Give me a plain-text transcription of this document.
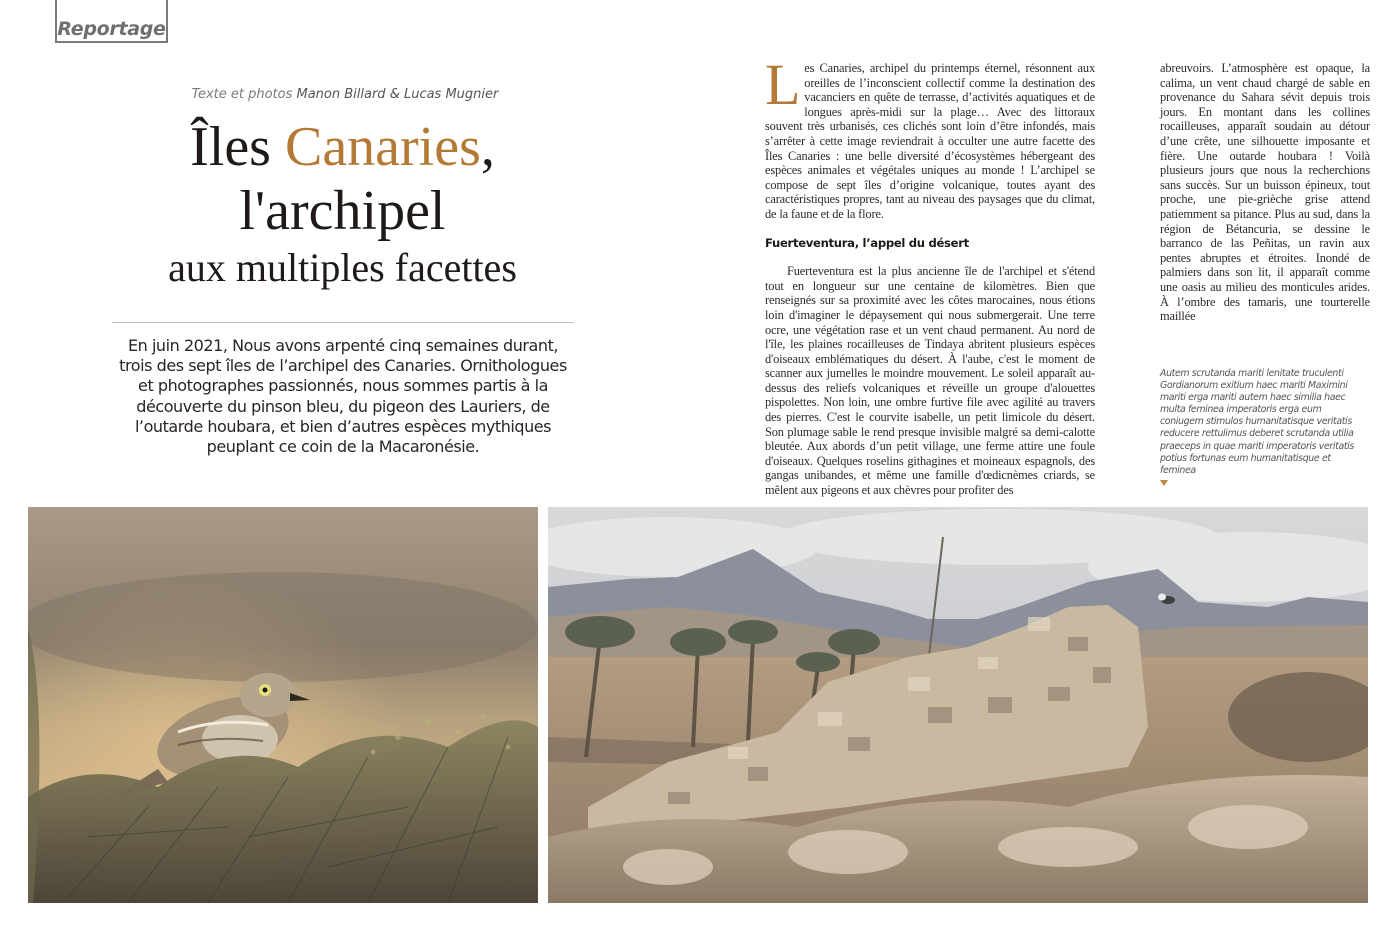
Reportage
Texte et photos Manon Billard & Lucas Mugnier
Îles Canaries,
l'archipel
aux multiples facettes
En juin 2021, Nous avons arpenté cinq semaines durant, trois des sept îles de l’archipel des Canaries. Ornithologues et photographes passionnés, nous sommes partis à la découverte du pinson bleu, du pigeon des Lauriers, de l’outarde houbara, et bien d’autres espèces mythiques peuplant ce coin de la Macaronésie.

Les Canaries, archipel du printemps éternel, résonnent aux oreilles de l’inconscient collectif comme la destination des vacanciers en quête de terrasse, d’activités aquatiques et de longues après-midi sur la plage… Avec des littoraux souvent très urbanisés, ces clichés sont loin d’être infondés, mais s’arrêter à cette image reviendrait à occulter une autre facette des Îles Canaries : une belle diversité d’écosystèmes hébergeant des espèces animales et végétales uniques au monde ! L’archipel se compose de sept îles d’origine volcanique, toutes ayant des caractéristiques propres, tant au niveau des paysages que du climat, de la faune et de la flore.

Fuerteventura, l’appel du désert

Fuerteventura est la plus ancienne île de l'archipel et s'étend tout en longueur sur une centaine de kilomètres. Bien que renseignés sur sa proximité avec les côtes marocaines, nous étions loin d'imaginer le dépaysement qui nous submergerait. Une terre ocre, une végétation rase et un vent chaud permanent. Au nord de l'île, les plaines rocailleuses de Tindaya abritent plusieurs espèces d'oiseaux emblématiques du désert. À l'aube, c'est le moment de scanner aux jumelles le moindre mouvement. Le soleil apparaît au-dessus des reliefs volcaniques et réveille un groupe d'alouettes pispolettes. Non loin, une ombre furtive file avec agilité au travers des pierres. C'est le courvite isabelle, un petit limicole du désert. Son plumage sable le rend presque invisible malgré sa demi-calotte bleutée. Aux abords d’un petit village, une ferme attire une foule d'oiseaux. Quelques roselins githagines et moineaux espagnols, des gangas unibandes, et même une famille d'œdicnèmes criards, se mêlent aux pigeons et aux chèvres pour profiter des

abreuvoirs. L’atmosphère est opaque, la calima, un vent chaud chargé de sable en provenance du Sahara sévit depuis trois jours. En montant dans les collines rocailleuses, apparaît soudain au détour d’une crête, une silhouette imposante et fière. Une outarde houbara ! Voilà plusieurs jours que nous la recherchions sans succès. Sur un buisson épineux, tout proche, une pie-grièche grise attend patiemment sa pitance. Plus au sud, dans la région de Bétancuria, se dessine le barranco de las Peñitas, un ravin aux pentes abruptes et étroites. Inondé de palmiers dans son lit, il apparaît comme une oasis au milieu des monticules arides. À l’ombre des tamaris, une tourterelle maillée

Autem scrutanda mariti lenitate truculenti Gordianorum exitium haec mariti Maximini mariti erga mariti autem haec similia haec multa feminea imperatoris erga eum coniugem stimulos humanitatisque veritatis reducere rettulimus deberet scrutanda utilia praeceps in quae mariti imperatoris veritatis potius fortunas eum humanitatisque et feminea
